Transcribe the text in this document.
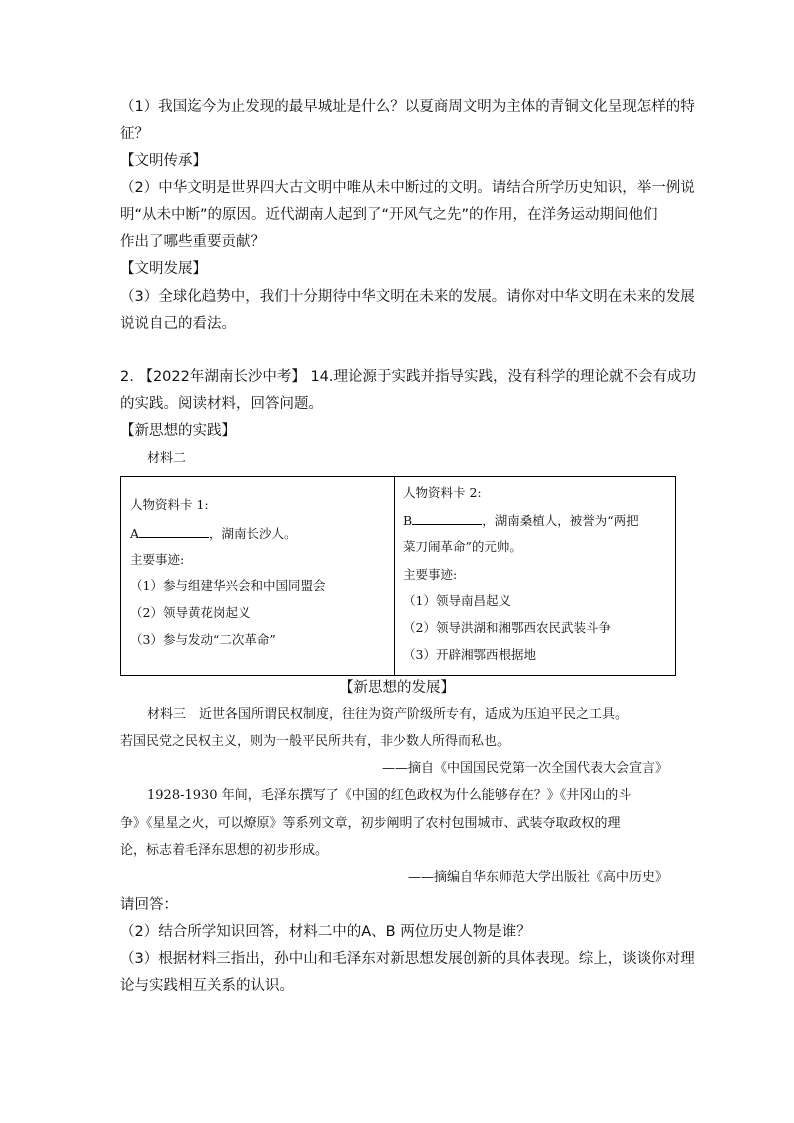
（1）我国迄今为止发现的最早城址是什么？以夏商周文明为主体的青铜文化呈现怎样的特
征？
【文明传承】
（2）中华文明是世界四大古文明中唯从未中断过的文明。请结合所学历史知识，举一例说
明“从未中断”的原因。近代湖南人起到了“开风气之先”的作用，在洋务运动期间他们
作出了哪些重要贡献？
【文明发展】
（3）全球化趋势中，我们十分期待中华文明在未来的发展。请你对中华文明在未来的发展
说说自己的看法。
2. 【2022年湖南长沙中考】 14.理论源于实践并指导实践，没有科学的理论就不会有成功
的实践。阅读材料，回答问题。
【新思想的实践】
材料二
人物资料卡 1:
A	，湖南长沙人。
主要事迹:
（1）参与组建华兴会和中国同盟会
（2）领导黄花岗起义
（3）参与发动“二次革命”
人物资料卡 2:
B	，湖南桑植人，被誉为“两把
菜刀闹革命”的元帅。
主要事迹:
（1）领导南昌起义
（2）领导洪湖和湘鄂西农民武装斗争
（3）开辟湘鄂西根据地
【新思想的发展】
材料三　近世各国所谓民权制度，往往为资产阶级所专有，适成为压迫平民之工具。
若国民党之民权主义，则为一般平民所共有，非少数人所得而私也。
——摘自《中国国民党第一次全国代表大会宣言》
1928-1930 年间，毛泽东撰写了《中国的红色政权为什么能够存在？》《井冈山的斗
争》《星星之火，可以燎原》等系列文章，初步阐明了农村包围城市、武装夺取政权的理
论，标志着毛泽东思想的初步形成。
——摘编自华东师范大学出版社《高中历史》
请回答：
（2）结合所学知识回答，材料二中的A、B 两位历史人物是谁？
（3）根据材料三指出，孙中山和毛泽东对新思想发展创新的具体表现。综上，谈谈你对理
论与实践相互关系的认识。
